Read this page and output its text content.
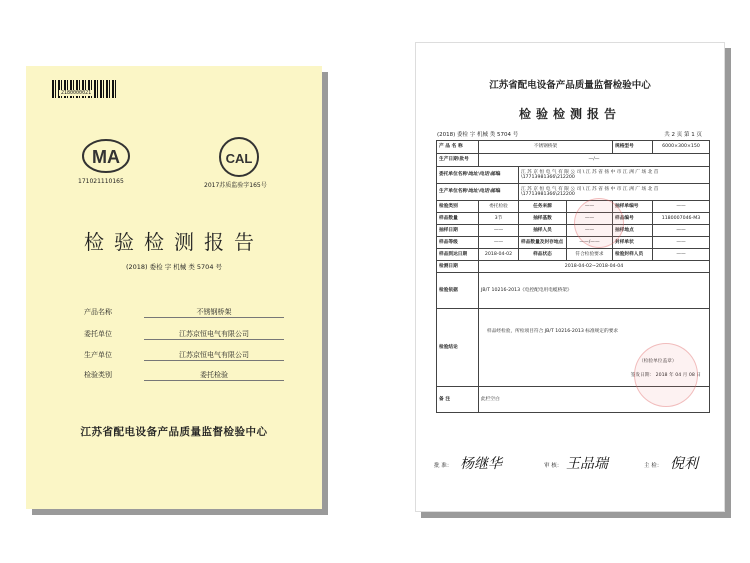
2180000021
MA
171021110165
CAL
2017苏质监验字165号
检验检测报告
(2018) 委检 字 机械 类 5704 号
产品名称	不锈钢桥架
委托单位	江苏京恒电气有限公司
生产单位	江苏京恒电气有限公司
检验类别	委托检验
江苏省配电设备产品质量监督检验中心
江苏省配电设备产品质量监督检验中心
检验检测报告
(2018) 委检 字 机械 类 5704 号	共 2 页 第 1 页
产 品 名 称	不锈钢桥架			规格型号	6000×300×150
生产日期\批号	—/—				
委托单位名称\地址\电话\邮编		江 苏 京 恒 电 气 有 限 公 司 \ 江 苏 省 扬 中 市 江 洲 广 场 北 首\17713981366\212200			
生产单位名称\地址\电话\邮编		江 苏 京 恒 电 气 有 限 公 司 \ 江 苏 省 扬 中 市 江 洲 广 场 北 首\17713981366\212200			
检验类别	委托检验	任务来源	——	抽样单编号	——
样品数量	3节	抽样基数	——	样品编号	1180007046-M3
抽样日期	——	抽样人员	——	抽样地点	——
样品等级	——	样品数量及封存地点	——/——	封样单状	——
样品到达日期	2018-04-02	样品状态	符合检验要求	检验封样人员	——
检测日期	2018-04-02~2018-04-04				
检验依据	JB/T 10216-2013《电控配电用电缆桥架》				
检验结论	样品经检验，所检项目符合 JB/T 10216-2013 标准规定的要求
（检验单位盖章）
签发日期： 2018 年 04 月 08 日				

备 注	此栏空白				
批 准： 杨继华	审 核： 王品瑞	主 检： 倪利
